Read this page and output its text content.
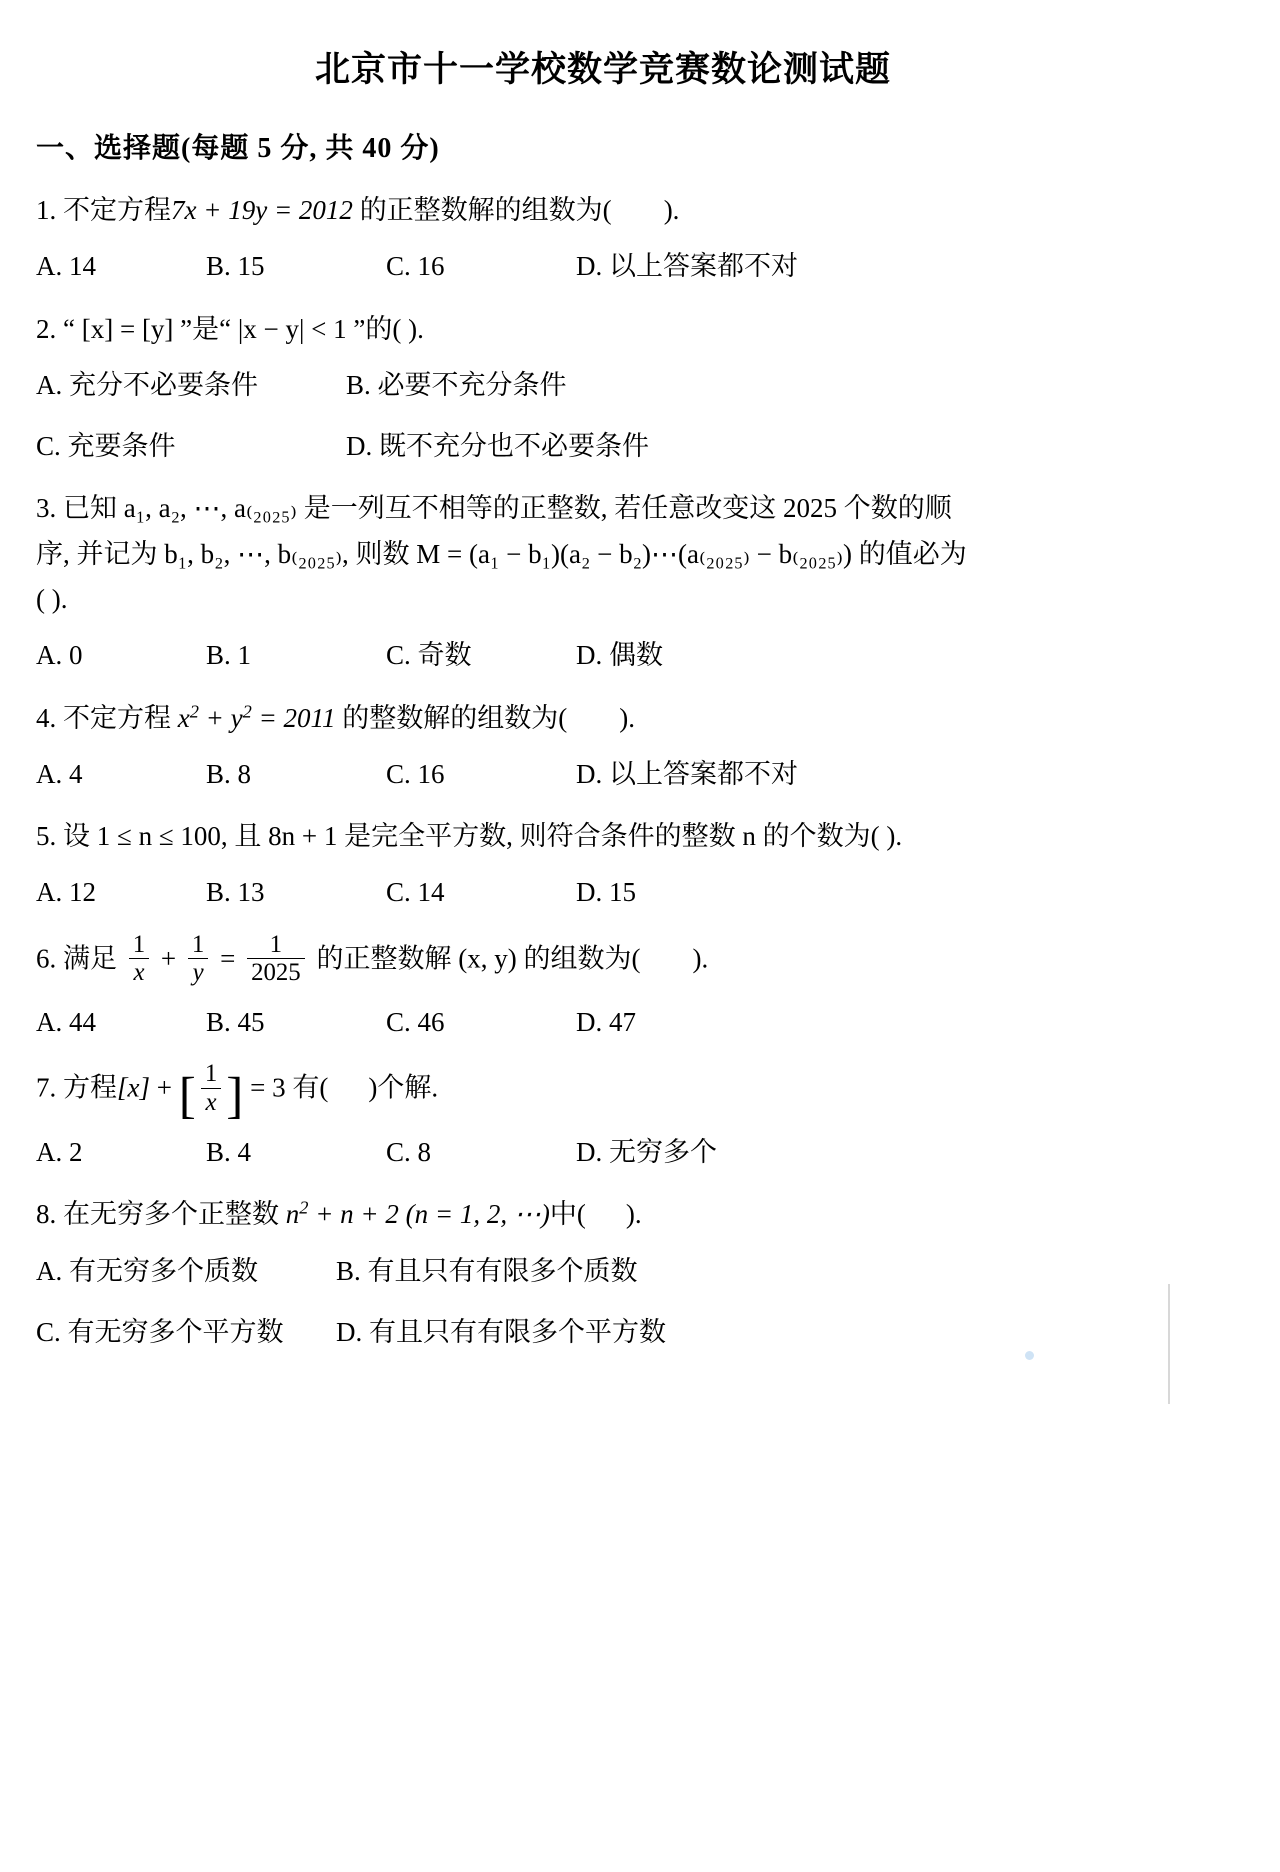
北京市十一学校数学竞赛数论测试题
一、选择题(每题 5 分, 共 40 分)
1. 不定方程7x + 19y = 2012 的正整数解的组数为( ).
A. 14	B. 15	C. 16	D. 以上答案都不对
2. “ [x] = [y] ”是“ |x − y| < 1 ”的( ).
A. 充分不必要条件	B. 必要不充分条件
C. 充要条件	D. 既不充分也不必要条件
3. 已知 a₁, a₂, ⋯, a₍₂₀₂₅₎ 是一列互不相等的正整数, 若任意改变这 2025 个数的顺
序, 并记为 b₁, b₂, ⋯, b₍₂₀₂₅₎, 则数 M = (a₁ − b₁)(a₂ − b₂)⋯(a₍₂₀₂₅₎ − b₍₂₀₂₅₎) 的值必为
( ).
A. 0	B. 1	C. 奇数	D. 偶数
4. 不定方程 $x^2 + y^2 = 2011$ 的整数解的组数为( ).
A. 4	B. 8	C. 16	D. 以上答案都不对
5. 设 1 ≤ n ≤ 100, 且 8n + 1 是完全平方数, 则符合条件的整数 n 的个数为( ).
A. 12	B. 13	C. 14	D. 15
6. 满足 $\frac{1}{x} + \frac{1}{y} = \frac{1}{2025}$ 的正整数解 (x, y) 的组数为( ).
A. 44	B. 45	C. 46	D. 47
7. 方程[x] + [ $\frac{1}{x}$ ] = 3 有( )个解.
A. 2	B. 4	C. 8	D. 无穷多个
8. 在无穷多个正整数 $n^2 + n + 2$ (n = 1, 2, ⋯)中( ).
A. 有无穷多个质数	B. 有且只有有限多个质数
C. 有无穷多个平方数	D. 有且只有有限多个平方数
